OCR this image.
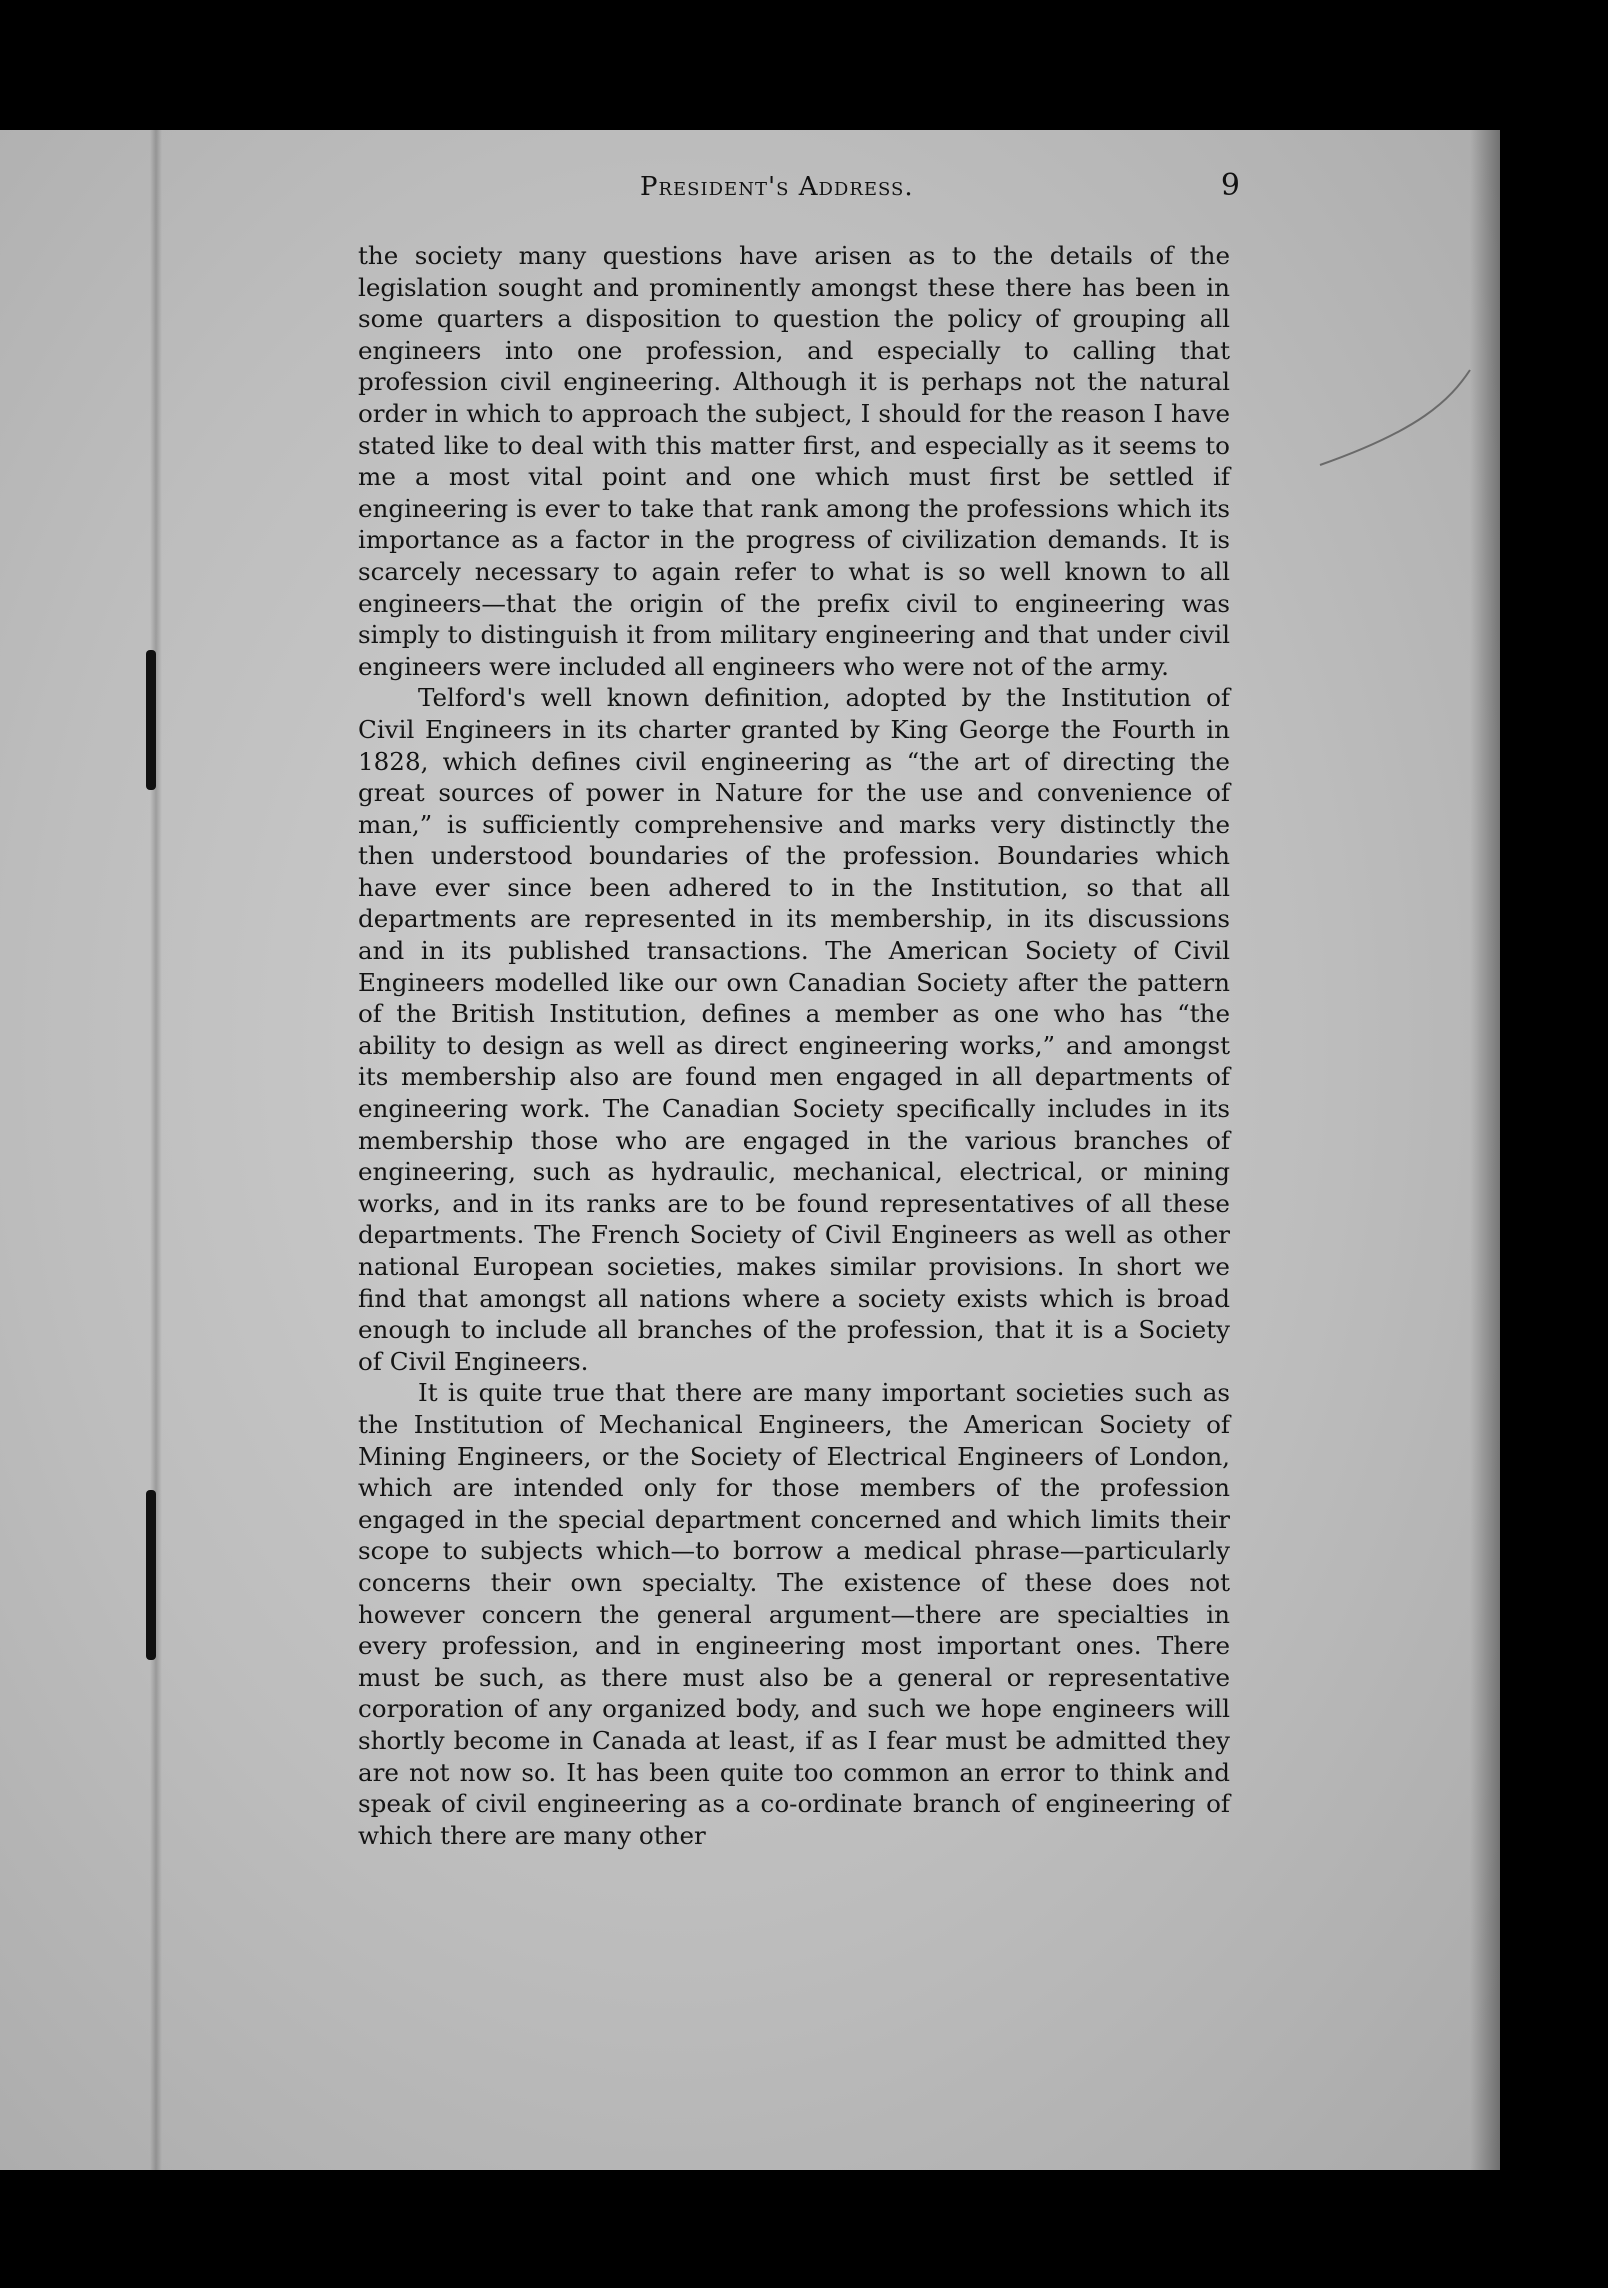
President's Address.	9

the society many questions have arisen as to the details of the legislation sought and prominently amongst these there has been in some quarters a disposition to question the policy of grouping all engineers into one profession, and especially to calling that profession civil engineering. Although it is perhaps not the natural order in which to approach the subject, I should for the reason I have stated like to deal with this matter first, and especially as it seems to me a most vital point and one which must first be settled if engineering is ever to take that rank among the professions which its importance as a factor in the progress of civilization demands. It is scarcely necessary to again refer to what is so well known to all engineers—that the origin of the prefix civil to engineering was simply to distinguish it from military engineering and that under civil engineers were included all engineers who were not of the army.

Telford's well known definition, adopted by the Institution of Civil Engineers in its charter granted by King George the Fourth in 1828, which defines civil engineering as “the art of directing the great sources of power in Nature for the use and convenience of man,” is sufficiently comprehensive and marks very distinctly the then understood boundaries of the profession. Boundaries which have ever since been adhered to in the Institution, so that all departments are represented in its membership, in its discussions and in its published transactions. The American Society of Civil Engineers modelled like our own Canadian Society after the pattern of the British Institution, defines a member as one who has “the ability to design as well as direct engineering works,” and amongst its membership also are found men engaged in all departments of engineering work. The Canadian Society specifically includes in its membership those who are engaged in the various branches of engineering, such as hydraulic, mechanical, electrical, or mining works, and in its ranks are to be found representatives of all these departments. The French Society of Civil Engineers as well as other national European societies, makes similar provisions. In short we find that amongst all nations where a society exists which is broad enough to include all branches of the profession, that it is a Society of Civil Engineers.

It is quite true that there are many important societies such as the Institution of Mechanical Engineers, the American Society of Mining Engineers, or the Society of Electrical Engineers of London, which are intended only for those members of the profession engaged in the special department concerned and which limits their scope to subjects which—to borrow a medical phrase—particularly concerns their own specialty. The existence of these does not however concern the general argument—there are specialties in every profession, and in engineering most important ones. There must be such, as there must also be a general or representative corporation of any organized body, and such we hope engineers will shortly become in Canada at least, if as I fear must be admitted they are not now so. It has been quite too common an error to think and speak of civil engineering as a co-ordinate branch of engineering of which there are many other
